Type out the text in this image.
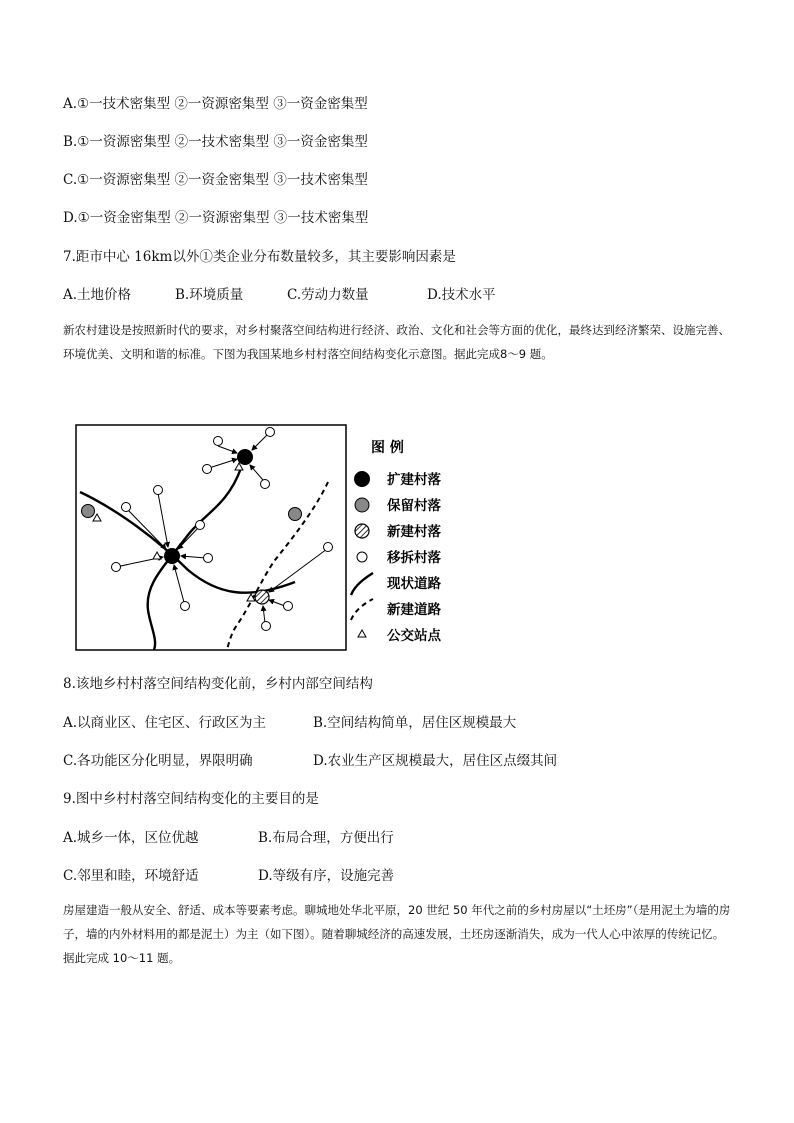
A.①一技术密集型 ②一资源密集型 ③一资金密集型
B.①一资源密集型 ②一技术密集型 ③一资金密集型
C.①一资源密集型 ②一资金密集型 ③一技术密集型
D.①一资金密集型 ②一资源密集型 ③一技术密集型
7.距市中心 16km以外①类企业分布数量较多，其主要影响因素是
A.土地价格	B.环境质量	C.劳动力数量	D.技术水平
新农村建设是按照新时代的要求，对乡村聚落空间结构进行经济、政治、文化和社会等方面的优化，最终达到经济繁荣、设施完善、环境优美、文明和谐的标准。下图为我国某地乡村村落空间结构变化示意图。据此完成8～9 题。
图 例
扩建村落
保留村落
新建村落
移拆村落
现状道路
新建道路
公交站点
8.该地乡村村落空间结构变化前，乡村内部空间结构
A.以商业区、住宅区、行政区为主	B.空间结构简单，居住区规模最大
C.各功能区分化明显，界限明确	D.农业生产区规模最大，居住区点缀其间
9.图中乡村村落空间结构变化的主要目的是
A.城乡一体，区位优越	B.布局合理，方便出行
C.邻里和睦，环境舒适	D.等级有序，设施完善
房屋建造一般从安全、舒适、成本等要素考虑。聊城地处华北平原，20 世纪 50 年代之前的乡村房屋以“土坯房”（是用泥土为墙的房子，墙的内外材料用的都是泥土）为主（如下图）。随着聊城经济的高速发展，土坯房逐渐消失，成为一代人心中浓厚的传统记忆。据此完成 10～11 题。
